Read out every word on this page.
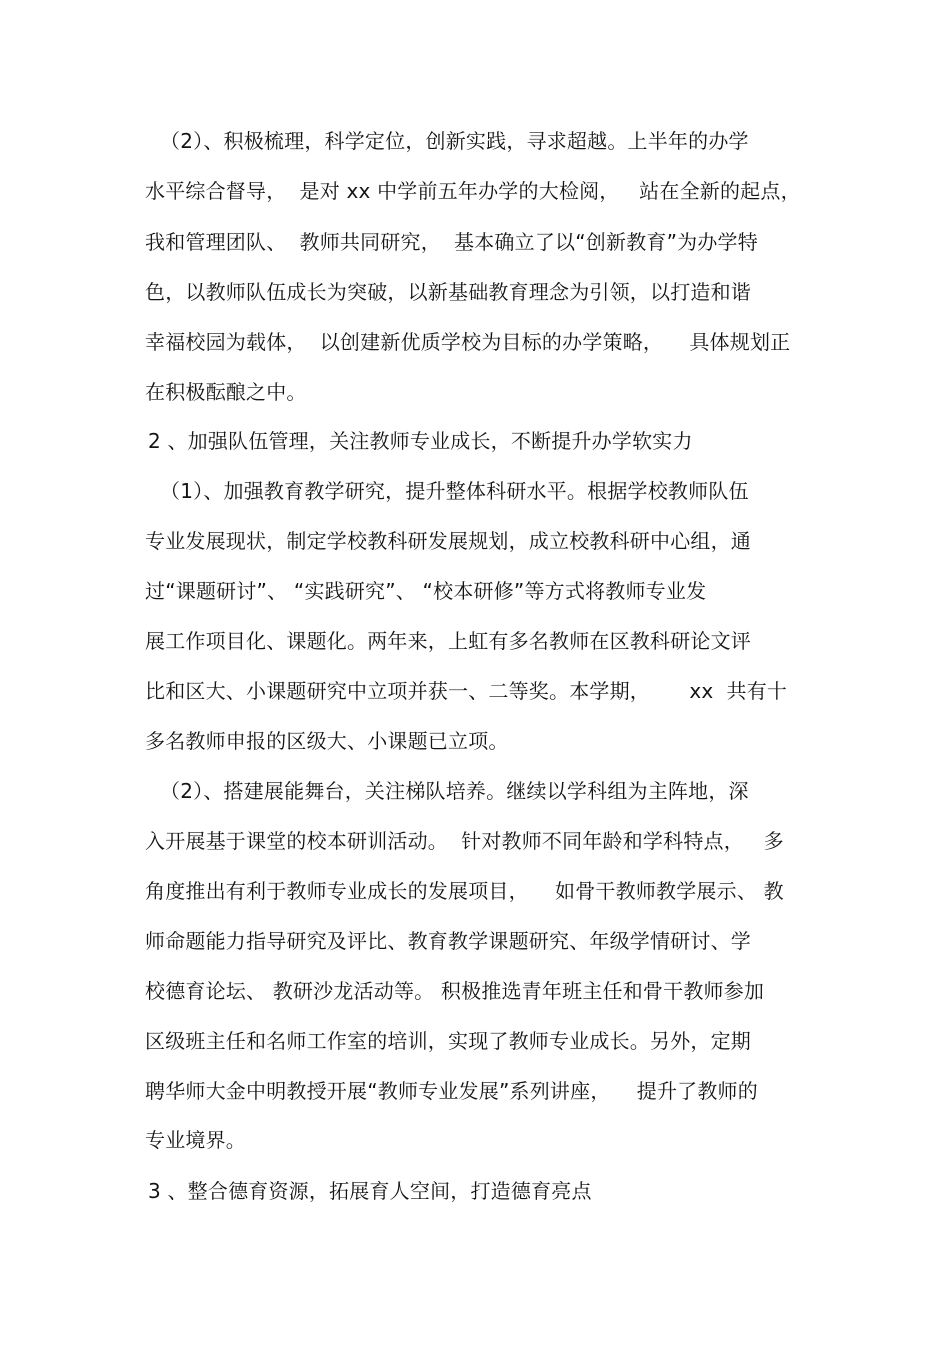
（2）、积极梳理，科学定位，创新实践，寻求超越。上半年的办学
水平综合督导，  是对 xx 中学前五年办学的大检阅，   站在全新的起点，
我和管理团队、  教师共同研究，  基本确立了以“创新教育”为办学特
色，以教师队伍成长为突破，以新基础教育理念为引领，以打造和谐
幸福校园为载体，  以创建新优质学校为目标的办学策略，    具体规划正
在积极酝酿之中。
2 、加强队伍管理，关注教师专业成长，不断提升办学软实力
（1）、加强教育教学研究，提升整体科研水平。根据学校教师队伍
专业发展现状，制定学校教科研发展规划，成立校教科研中心组，通
过“课题研讨”、 “实践研究”、 “校本研修”等方式将教师专业发
展工作项目化、课题化。两年来，上虹有多名教师在区教科研论文评
比和区大、小课题研究中立项并获一、二等奖。本学期，      xx  共有十
多名教师申报的区级大、小课题已立项。
（2）、搭建展能舞台，关注梯队培养。继续以学科组为主阵地，深
入开展基于课堂的校本研训活动。  针对教师不同年龄和学科特点，   多
角度推出有利于教师专业成长的发展项目，    如骨干教师教学展示、 教
师命题能力指导研究及评比、教育教学课题研究、年级学情研讨、学
校德育论坛、 教研沙龙活动等。 积极推选青年班主任和骨干教师参加
区级班主任和名师工作室的培训，实现了教师专业成长。另外，定期
聘华师大金中明教授开展“教师专业发展”系列讲座，    提升了教师的
专业境界。
3 、整合德育资源，拓展育人空间，打造德育亮点
